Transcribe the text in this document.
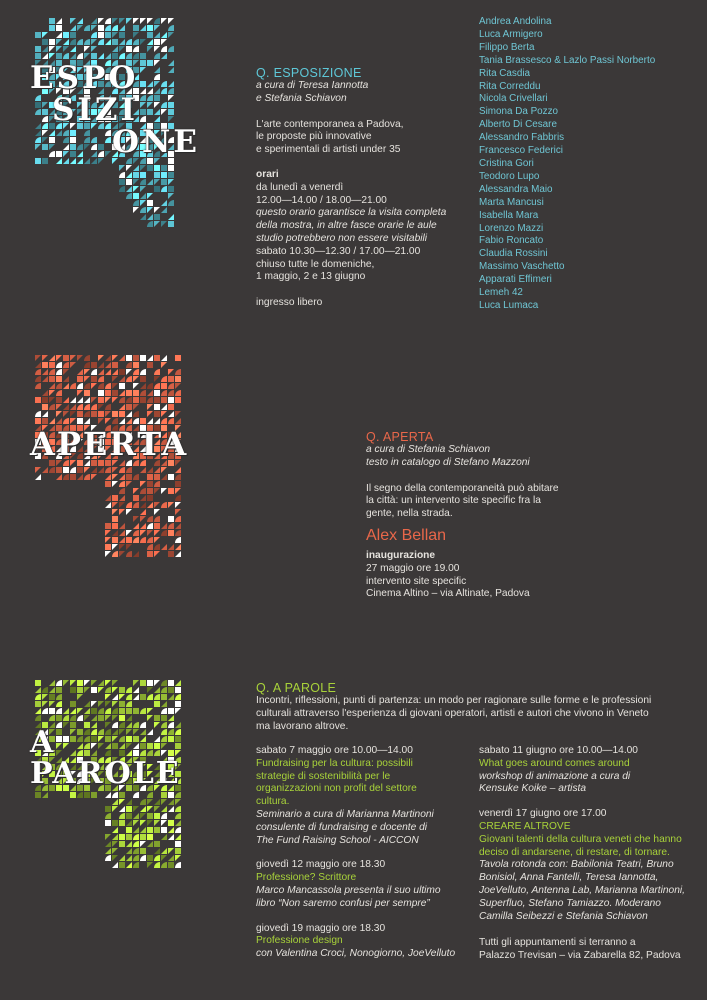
ESPO
SIZI
ONE
APERTA
A
PAROLE
Q. ESPOSIZIONE
a cura di Teresa Iannotta
e Stefania Schiavon
L'arte contemporanea a Padova,
le proposte più innovative
e sperimentali di artisti under 35
orari
da lunedì a venerdì
12.00—14.00 / 18.00—21.00
questo orario garantisce la visita completa
della mostra, in altre fasce orarie le aule
studio potrebbero non essere visitabili
sabato 10.30—12.30 / 17.00—21.00
chiuso tutte le domeniche,
1 maggio, 2 e 13 giugno
ingresso libero
Andrea Andolina
Luca Armigero
Filippo Berta
Tania Brassesco & Lazlo Passi Norberto
Rita Casdia
Rita Correddu
Nicola Crivellari
Simona Da Pozzo
Alberto Di Cesare
Alessandro Fabbris
Francesco Federici
Cristina Gori
Teodoro Lupo
Alessandra Maio
Marta Mancusi
Isabella Mara
Lorenzo Mazzi
Fabio Roncato
Claudia Rossini
Massimo Vaschetto
Apparati Effimeri
Lemeh 42
Luca Lumaca
Q. APERTA
a cura di Stefania Schiavon
testo in catalogo di Stefano Mazzoni
Il segno della contemporaneità può abitare
la città: un intervento site specific fra la
gente, nella strada.
Alex Bellan
inaugurazione
27 maggio ore 19.00
intervento site specific
Cinema Altino – via Altinate, Padova
Q. A PAROLE
Incontri, riflessioni, punti di partenza: un modo per ragionare sulle forme e le professioni
culturali attraverso l'esperienza di giovani operatori, artisti e autori che vivono in Veneto
ma lavorano altrove.
sabato 7 maggio ore 10.00—14.00
Fundraising per la cultura: possibili
strategie di sostenibilità per le
organizzazioni non profit del settore
cultura.
Seminario a cura di Marianna Martinoni
consulente di fundraising e docente di
The Fund Raising School - AICCON
giovedì 12 maggio ore 18.30
Professione? Scrittore
Marco Mancassola presenta il suo ultimo
libro “Non saremo confusi per sempre”
giovedì 19 maggio ore 18.30
Professione design
con Valentina Croci, Nonogiorno, JoeVelluto
sabato 11 giugno ore 10.00—14.00
What goes around comes around
workshop di animazione a cura di
Kensuke Koike – artista
venerdì 17 giugno ore 17.00
CREARE ALTROVE
Giovani talenti della cultura veneti che hanno
deciso di andarsene, di restare, di tornare.
Tavola rotonda con: Babilonia Teatri, Bruno
Bonisiol, Anna Fantelli, Teresa Iannotta,
JoeVelluto, Antenna Lab, Marianna Martinoni,
Superfluo, Stefano Tamiazzo. Moderano
Camilla Seibezzi e Stefania Schiavon
Tutti gli appuntamenti si terranno a
Palazzo Trevisan – via Zabarella 82, Padova
